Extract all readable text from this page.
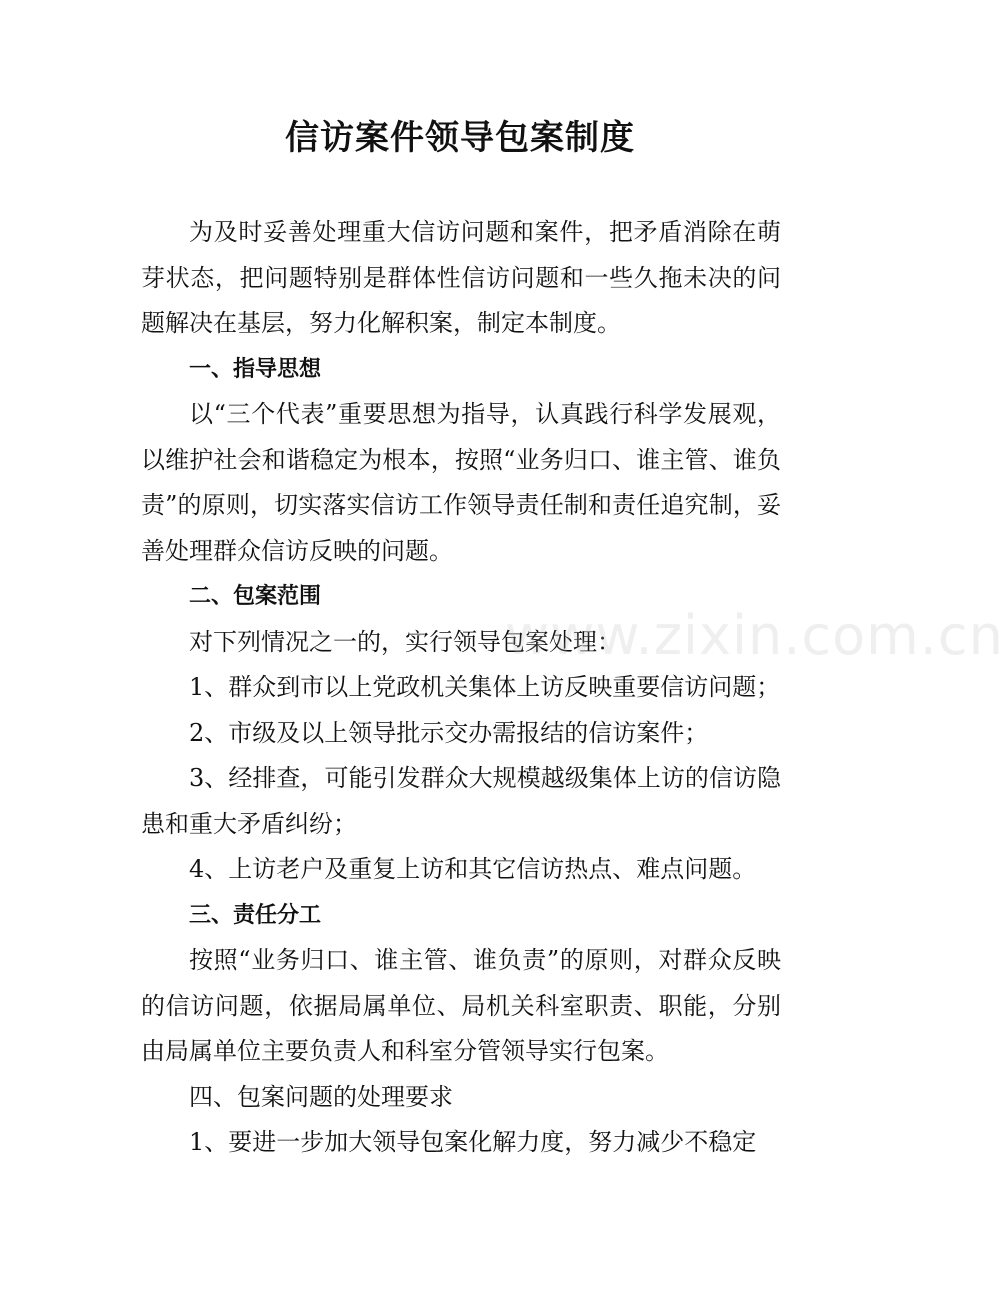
信访案件领导包案制度

为及时妥善处理重大信访问题和案件，把矛盾消除在萌芽状态，把问题特别是群体性信访问题和一些久拖未决的问题解决在基层，努力化解积案，制定本制度。

一、指导思想

以“三个代表”重要思想为指导，认真践行科学发展观，以维护社会和谐稳定为根本，按照“业务归口、谁主管、谁负责”的原则，切实落实信访工作领导责任制和责任追究制，妥善处理群众信访反映的问题。

二、包案范围

对下列情况之一的，实行领导包案处理：

1、群众到市以上党政机关集体上访反映重要信访问题；

2、市级及以上领导批示交办需报结的信访案件；

3、经排查，可能引发群众大规模越级集体上访的信访隐患和重大矛盾纠纷；

4、上访老户及重复上访和其它信访热点、难点问题。

三、责任分工

按照“业务归口、谁主管、谁负责”的原则，对群众反映的信访问题，依据局属单位、局机关科室职责、职能，分别由局属单位主要负责人和科室分管领导实行包案。

四、包案问题的处理要求

1、要进一步加大领导包案化解力度，努力减少不稳定

www.zixin.com.cn
